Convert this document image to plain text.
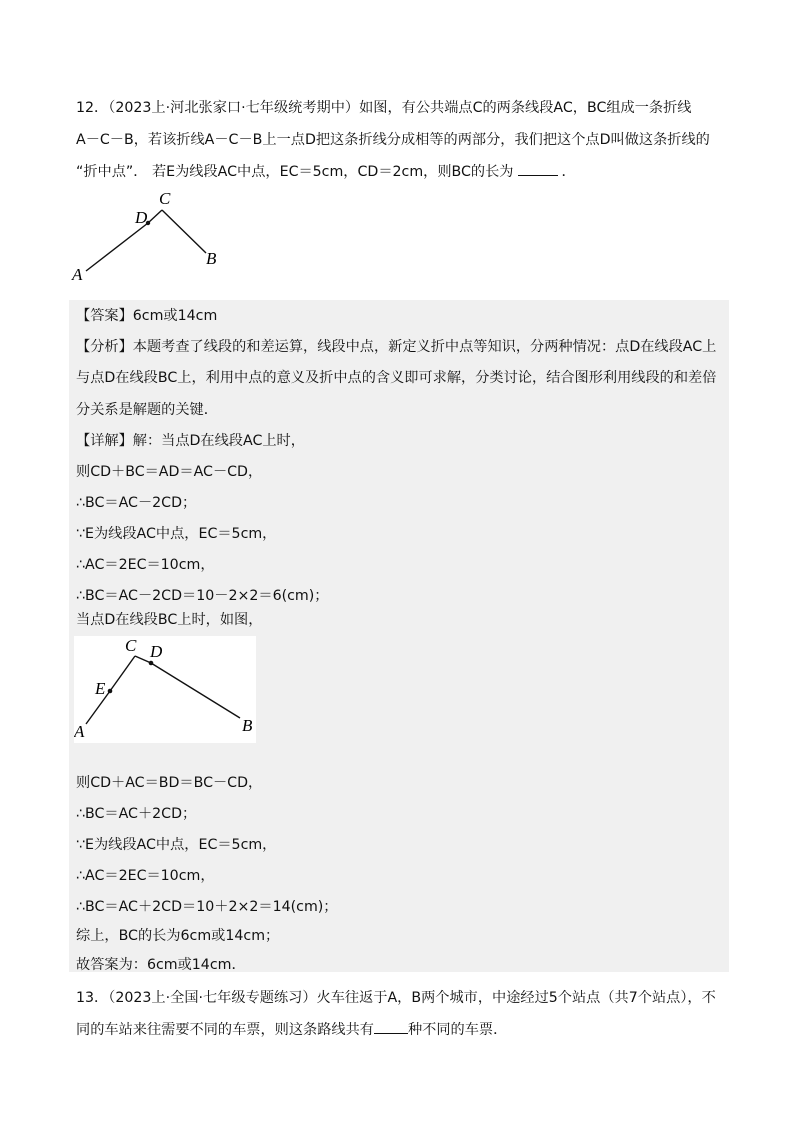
12．（2023上·河北张家口·七年级统考期中）如图，有公共端点C的两条线段AC，BC组成一条折线
A－C－B，若该折线A－C－B上一点D把这条折线分成相等的两部分，我们把这个点D叫做这条折线的
“折中点”． 若E为线段AC中点，EC＝5cm，CD＝2cm，则BC的长为	．
C
D
A
B
【答案】6cm或14cm
【分析】本题考查了线段的和差运算，线段中点，新定义折中点等知识，分两种情况：点D在线段AC上
与点D在线段BC上，利用中点的意义及折中点的含义即可求解，分类讨论，结合图形利用线段的和差倍
分关系是解题的关键．
【详解】解：当点D在线段AC上时，
则CD＋BC＝AD＝AC－CD，
∴BC＝AC－2CD；
∵E为线段AC中点，EC＝5cm，
∴AC＝2EC＝10cm，
∴BC＝AC－2CD＝10－2×2＝6(cm)；
当点D在线段BC上时，如图，
C D
E
A	B
则CD＋AC＝BD＝BC－CD，
∴BC＝AC＋2CD；
∵E为线段AC中点，EC＝5cm，
∴AC＝2EC＝10cm，
∴BC＝AC＋2CD＝10＋2×2＝14(cm)；
综上，BC的长为6cm或14cm；
故答案为：6cm或14cm．
13．（2023上·全国·七年级专题练习）火车往返于A，B两个城市，中途经过5个站点（共7个站点），不
同的车站来往需要不同的车票，则这条路线共有 种不同的车票．
